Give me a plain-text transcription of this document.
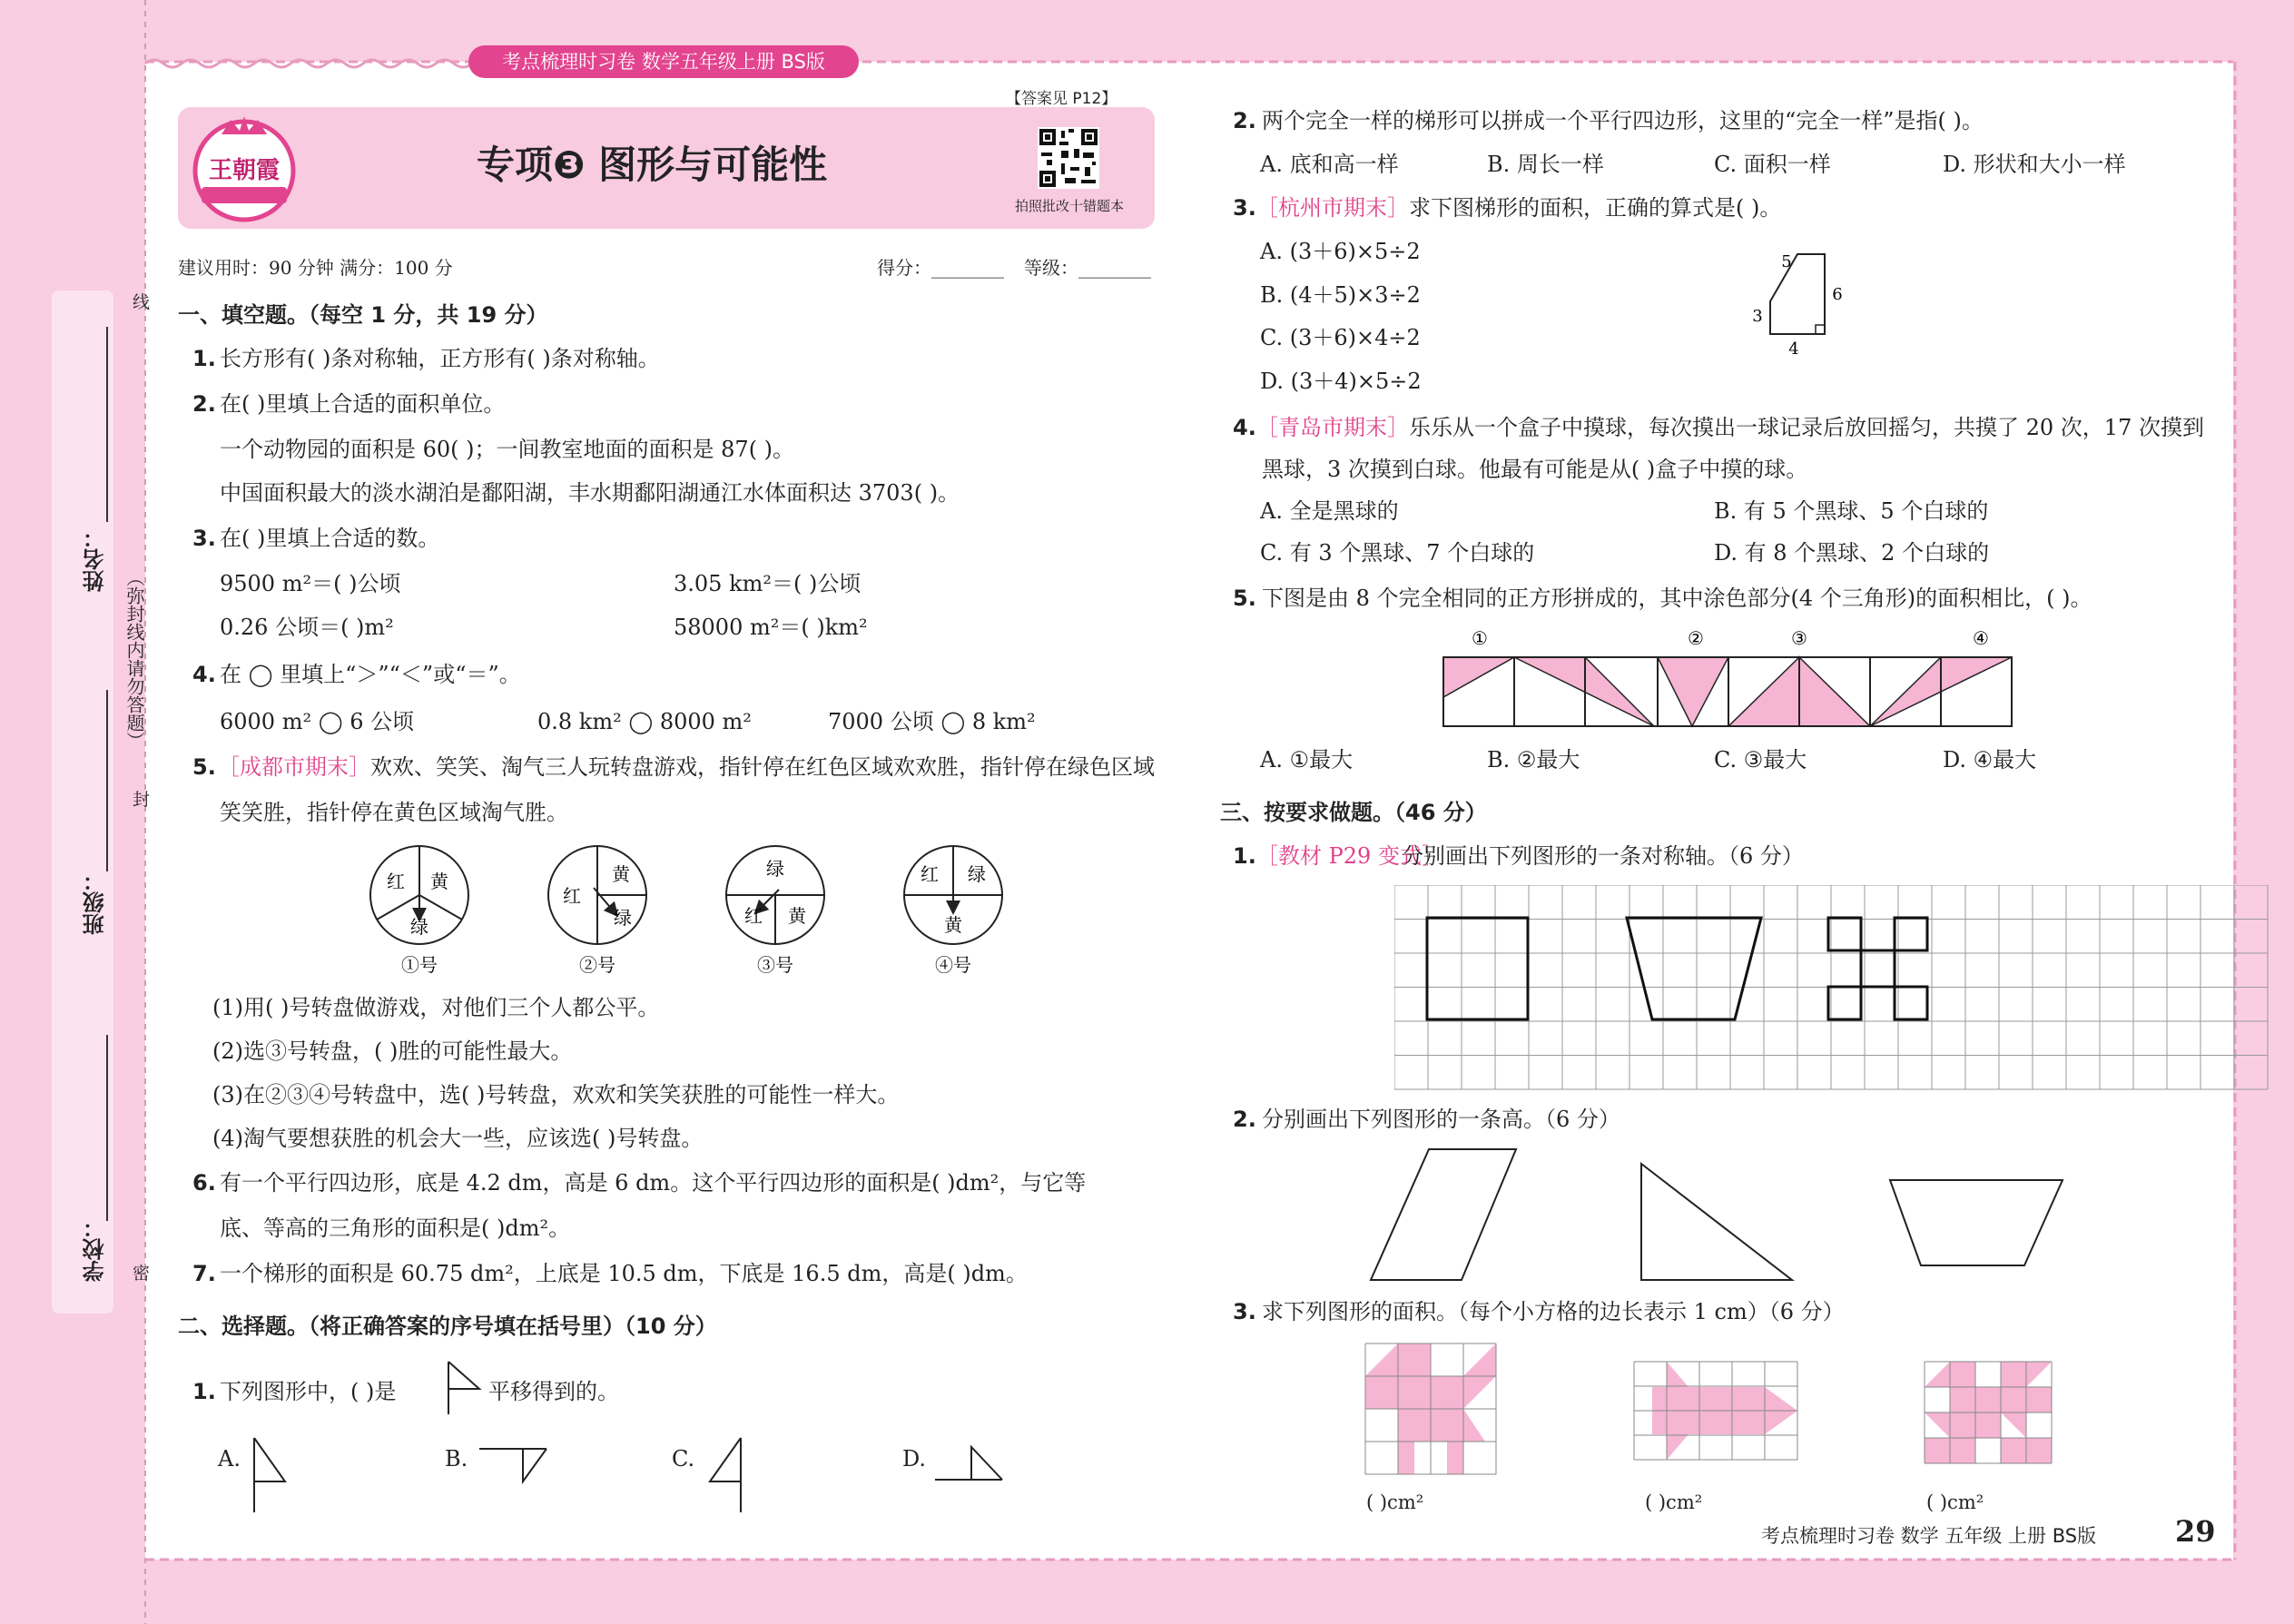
考点梳理时习卷 数学五年级上册 BS版
王朝霞	专项❸ 图形与可能性
【答案见 P12】
拍照批改十错题本
建议用时：90 分钟 满分：100 分	得分：________ 等级：________
姓名：
班级：
学校：
（弥封线内请勿答题）
线
封
密
一、填空题。（每空 1 分，共 19 分）
1. 长方形有( )条对称轴，正方形有( )条对称轴。
2. 在( )里填上合适的面积单位。
一个动物园的面积是 60( )；一间教室地面的面积是 87( )。
中国面积最大的淡水湖泊是鄱阳湖，丰水期鄱阳湖通江水体面积达 3703( )。
3. 在( )里填上合适的数。
9500 m²＝( )公顷	3.05 km²＝( )公顷
0.26 公顷＝( )m²	58000 m²＝( )km²
4. 在 ◯ 里填上“＞”“＜”或“＝”。
6000 m² ◯ 6 公顷	0.8 km² ◯ 8000 m²	7000 公顷 ◯ 8 km²
5. ［成都市期末］ 欢欢、笑笑、淘气三人玩转盘游戏，指针停在红色区域欢欢胜，指针停在绿色区域
笑笑胜，指针停在黄色区域淘气胜。
红 黄
绿
红
黄
绿
绿
红 黄
红 绿
黄
①号	②号	③号	④号
(1)用( )号转盘做游戏，对他们三个人都公平。
(2)选③号转盘，( )胜的可能性最大。
(3)在②③④号转盘中，选( )号转盘，欢欢和笑笑获胜的可能性一样大。
(4)淘气要想获胜的机会大一些，应该选( )号转盘。
6. 有一个平行四边形，底是 4.2 dm，高是 6 dm。这个平行四边形的面积是( )dm²，与它等
底、等高的三角形的面积是( )dm²。
7. 一个梯形的面积是 60.75 dm²，上底是 10.5 dm，下底是 16.5 dm，高是( )dm。
二、选择题。（将正确答案的序号填在括号里）（10 分）
1. 下列图形中，( )是	平移得到的。
A.	B.	C.	D.
2. 两个完全一样的梯形可以拼成一个平行四边形，这里的“完全一样”是指( )。
A. 底和高一样	B. 周长一样	C. 面积一样	D. 形状和大小一样
3. ［杭州市期末］ 求下图梯形的面积，正确的算式是( )。
A. (3＋6)×5÷2
B. (4＋5)×3÷2
C. (3＋6)×4÷2
D. (3＋4)×5÷2
5
6
3
4
4. ［青岛市期末］ 乐乐从一个盒子中摸球，每次摸出一球记录后放回摇匀，共摸了 20 次，17 次摸到
黑球，3 次摸到白球。他最有可能是从( )盒子中摸的球。
A. 全是黑球的	B. 有 5 个黑球、5 个白球的
C. 有 3 个黑球、7 个白球的	D. 有 8 个黑球、2 个白球的
5. 下图是由 8 个完全相同的正方形拼成的，其中涂色部分(4 个三角形)的面积相比，( )。
①	②	③	④
A. ①最大	B. ②最大	C. ③最大	D. ④最大
三、按要求做题。（46 分）
1. ［教材 P29 变式］
分别画出下列图形的一条对称轴。（6 分）
2. 分别画出下列图形的一条高。（6 分）
3. 求下列图形的面积。（每个小方格的边长表示 1 cm）（6 分）
( )cm²	( )cm²	( )cm²
考点梳理时习卷 数学 五年级 上册 BS版	29
